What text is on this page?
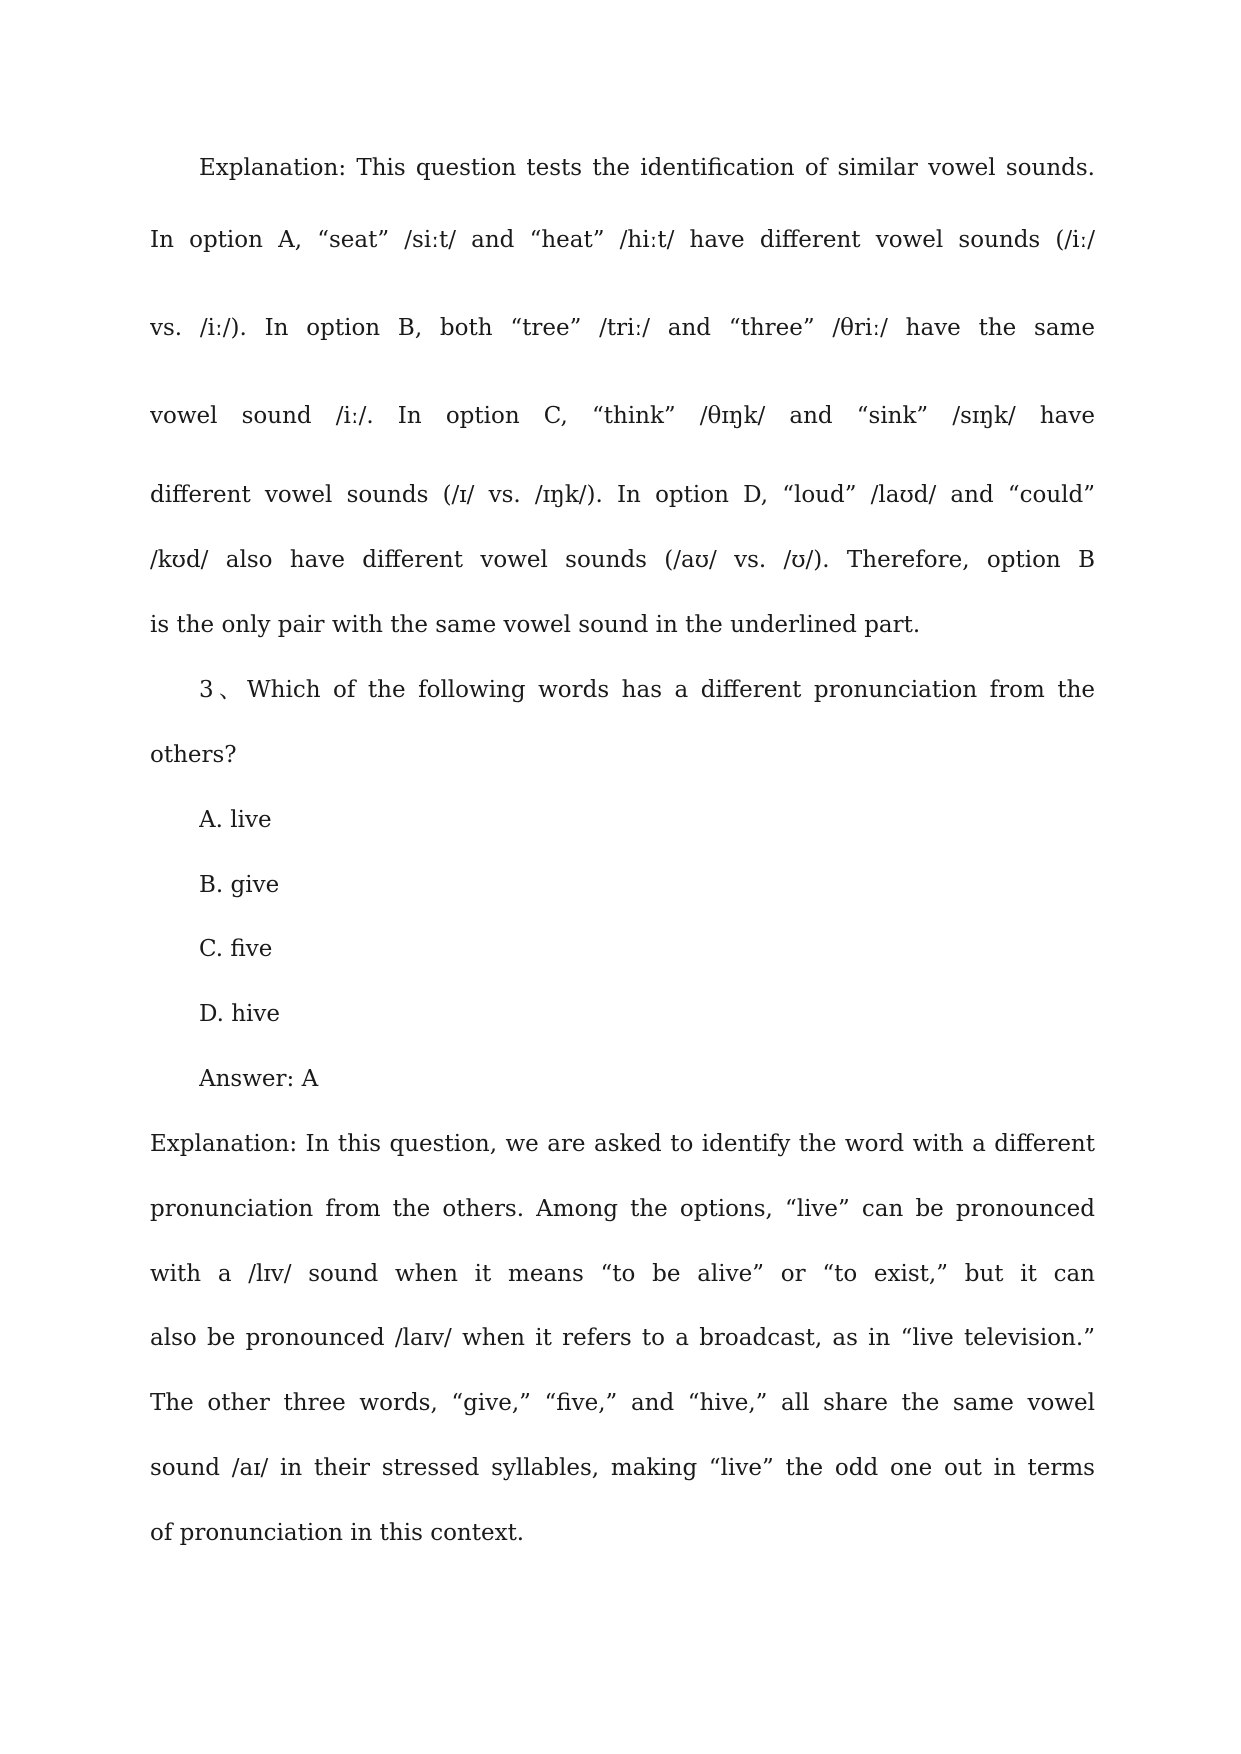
Explanation: This question tests the identification of similar vowel sounds.
In option A, “seat” /siːt/ and “heat” /hiːt/ have different vowel sounds (/iː/
vs. /iː/). In option B, both “tree” /triː/ and “three” /θriː/ have the same
vowel sound /iː/. In option C, “think” /θɪŋk/ and “sink” /sɪŋk/ have
different vowel sounds (/ɪ/ vs. /ɪŋk/). In option D, “loud” /laʊd/ and “could”
/kʊd/ also have different vowel sounds (/aʊ/ vs. /ʊ/). Therefore, option B
is the only pair with the same vowel sound in the underlined part.
3、Which of the following words has a different pronunciation from the
others?
A. live
B. give
C. five
D. hive
Answer: A
Explanation: In this question, we are asked to identify the word with a different
pronunciation from the others. Among the options, “live” can be pronounced
with a /lɪv/ sound when it means “to be alive” or “to exist,” but it can
also be pronounced /laɪv/ when it refers to a broadcast, as in “live television.”
The other three words, “give,” “five,” and “hive,” all share the same vowel
sound /aɪ/ in their stressed syllables, making “live” the odd one out in terms
of pronunciation in this context.
